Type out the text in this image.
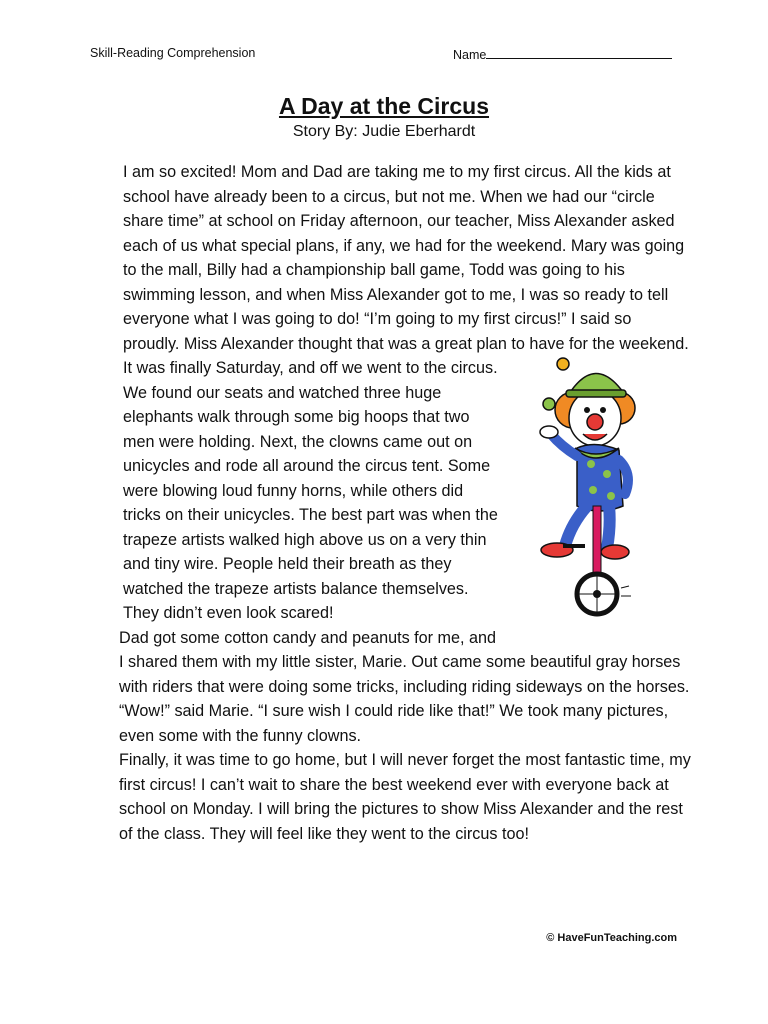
Skill-Reading Comprehension	Name
A Day at the Circus
Story By: Judie Eberhardt

I am so excited! Mom and Dad are taking me to my first circus. All the kids at school have already been to a circus, but not me. When we had our “circle share time” at school on Friday afternoon, our teacher, Miss Alexander asked each of us what special plans, if any, we had for the weekend. Mary was going to the mall, Billy had a championship ball game, Todd was going to his swimming lesson, and when Miss Alexander got to me, I was so ready to tell everyone what I was going to do! “I’m going to my first circus!” I said so proudly. Miss Alexander thought that was a great plan to have for the weekend.

It was finally Saturday, and off we went to the circus. We found our seats and watched three huge elephants walk through some big hoops that two men were holding. Next, the clowns came out on unicycles and rode all around the circus tent. Some were blowing loud funny horns, while others did tricks on their unicycles. The best part was when the trapeze artists walked high above us on a very thin and tiny wire. People held their breath as they watched the trapeze artists balance themselves. They didn’t even look scared!

Dad got some cotton candy and peanuts for me, and I shared them with my little sister, Marie. Out came some beautiful gray horses with riders that were doing some tricks, including riding sideways on the horses. “Wow!” said Marie. “I sure wish I could ride like that!” We took many pictures, even some with the funny clowns.

Finally, it was time to go home, but I will never forget the most fantastic time, my first circus! I can’t wait to share the best weekend ever with everyone back at school on Monday. I will bring the pictures to show Miss Alexander and the rest of the class. They will feel like they went to the circus too!

© HaveFunTeaching.com
